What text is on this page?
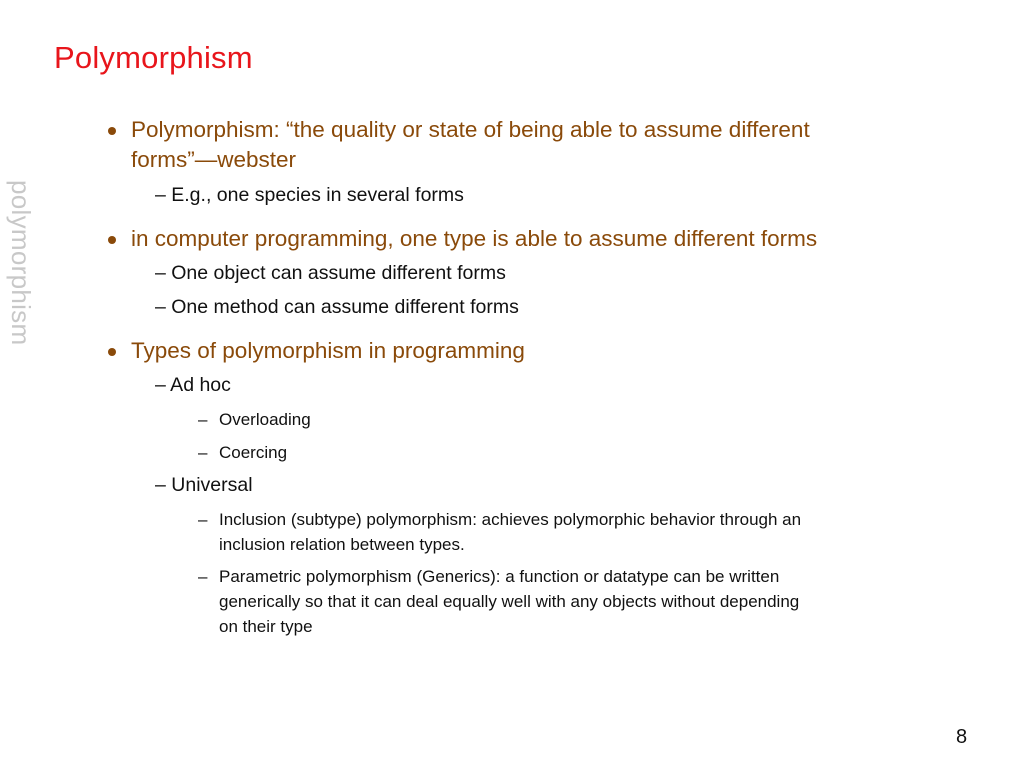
Polymorphism
polymorphism
Polymorphism: “the quality or state of being able to assume different
forms”—webster
– E.g., one species in several forms
in computer programming, one type is able to assume different forms
– One object can assume different forms
– One method can assume different forms
Types of polymorphism in programming
– Ad hoc
– Overloading
– Coercing
– Universal
– Inclusion (subtype) polymorphism: achieves polymorphic behavior through an
inclusion relation between types.
– Parametric polymorphism (Generics): a function or datatype can be written
generically so that it can deal equally well with any objects without depending
on their type
8
